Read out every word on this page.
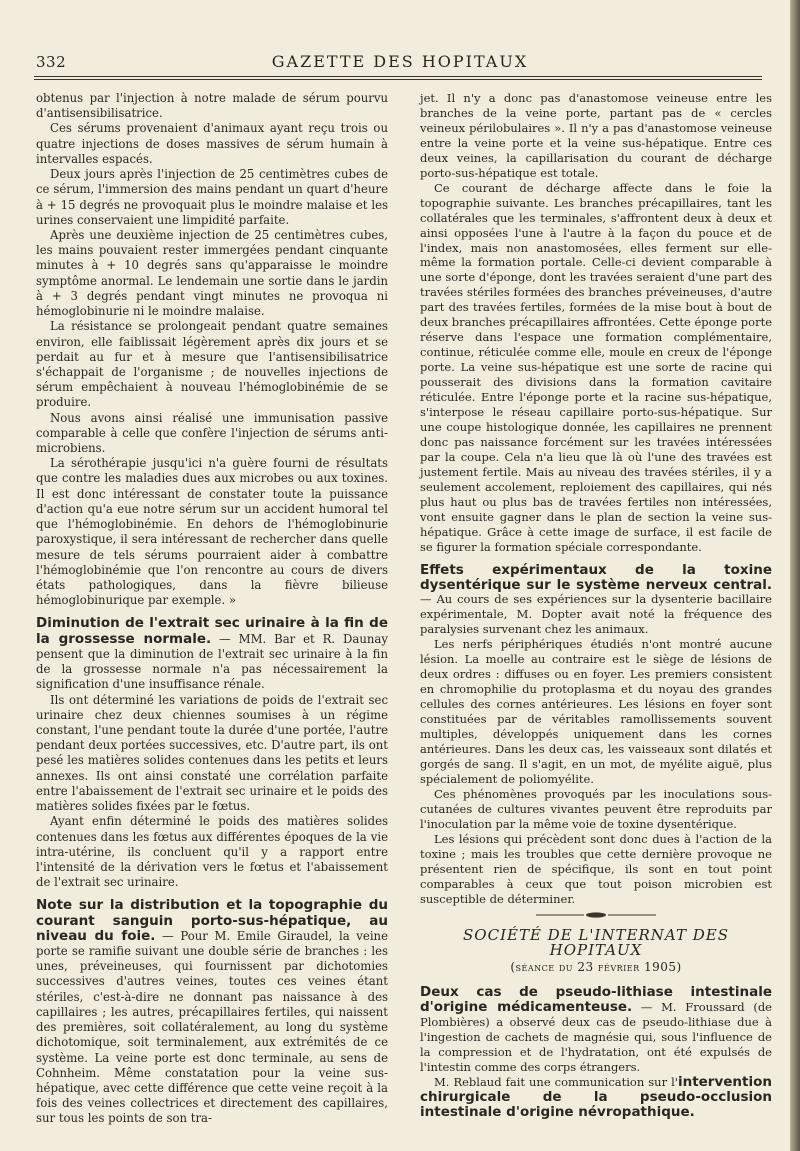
332	GAZETTE DES HOPITAUX

obtenus par l'injection à notre malade de sérum pourvu d'antisensibilisatrice.

Ces sérums provenaient d'animaux ayant reçu trois ou quatre injections de doses massives de sérum humain à intervalles espacés.

Deux jours après l'injection de 25 centimètres cubes de ce sérum, l'immersion des mains pendant un quart d'heure à + 15 degrés ne provoquait plus le moindre malaise et les urines conservaient une limpidité parfaite.

Après une deuxième injection de 25 centimètres cubes, les mains pouvaient rester immergées pendant cinquante minutes à + 10 degrés sans qu'apparaisse le moindre symptôme anormal. Le lendemain une sortie dans le jardin à + 3 degrés pendant vingt minutes ne provoqua ni hémoglobinurie ni le moindre malaise.

La résistance se prolongeait pendant quatre semaines environ, elle faiblissait légèrement après dix jours et se perdait au fur et à mesure que l'antisensibilisatrice s'échappait de l'organisme ; de nouvelles injections de sérum empêchaient à nouveau l'hémoglobinémie de se produire.

Nous avons ainsi réalisé une immunisation passive comparable à celle que confère l'injection de sérums anti-microbiens.

La sérothérapie jusqu'ici n'a guère fourni de résultats que contre les maladies dues aux microbes ou aux toxines. Il est donc intéressant de constater toute la puissance d'action qu'a eue notre sérum sur un accident humoral tel que l'hémoglobinémie. En dehors de l'hémoglobinurie paroxystique, il sera intéressant de rechercher dans quelle mesure de tels sérums pourraient aider à combattre l'hémoglobinémie que l'on rencontre au cours de divers états pathologiques, dans la fièvre bilieuse hémoglobinurique par exemple. »

Diminution de l'extrait sec urinaire à la fin de la grossesse normale. — MM. Bar et R. Daunay pensent que la diminution de l'extrait sec urinaire à la fin de la grossesse normale n'a pas nécessairement la signification d'une insuffisance rénale.

Ils ont déterminé les variations de poids de l'extrait sec urinaire chez deux chiennes soumises à un régime constant, l'une pendant toute la durée d'une portée, l'autre pendant deux portées successives, etc. D'autre part, ils ont pesé les matières solides contenues dans les petits et leurs annexes. Ils ont ainsi constaté une corrélation parfaite entre l'abaissement de l'extrait sec urinaire et le poids des matières solides fixées par le fœtus.

Ayant enfin déterminé le poids des matières solides contenues dans les fœtus aux différentes époques de la vie intra-utérine, ils concluent qu'il y a rapport entre l'intensité de la dérivation vers le fœtus et l'abaissement de l'extrait sec urinaire.

Note sur la distribution et la topographie du courant sanguin porto-sus-hépatique, au niveau du foie. — Pour M. Emile Giraudel, la veine porte se ramifie suivant une double série de branches : les unes, préveineuses, qui fournissent par dichotomies successives d'autres veines, toutes ces veines étant stériles, c'est-à-dire ne donnant pas naissance à des capillaires ; les autres, précapillaires fertiles, qui naissent des premières, soit collatéralement, au long du système dichotomique, soit terminalement, aux extrémités de ce système. La veine porte est donc terminale, au sens de Cohnheim. Même constatation pour la veine sus-hépatique, avec cette différence que cette veine reçoit à la fois des veines collectrices et directement des capillaires, sur tous les points de son tra-

jet. Il n'y a donc pas d'anastomose veineuse entre les branches de la veine porte, partant pas de « cercles veineux périlobulaires ». Il n'y a pas d'anastomose veineuse entre la veine porte et la veine sus-hépatique. Entre ces deux veines, la capillarisation du courant de décharge porto-sus-hépatique est totale.

Ce courant de décharge affecte dans le foie la topographie suivante. Les branches précapillaires, tant les collatérales que les terminales, s'affrontent deux à deux et ainsi opposées l'une à l'autre à la façon du pouce et de l'index, mais non anastomosées, elles ferment sur elle-même la formation portale. Celle-ci devient comparable à une sorte d'éponge, dont les travées seraient d'une part des travées stériles formées des branches préveineuses, d'autre part des travées fertiles, formées de la mise bout à bout de deux branches précapillaires affrontées. Cette éponge porte réserve dans l'espace une formation complémentaire, continue, réticulée comme elle, moule en creux de l'éponge porte. La veine sus-hépatique est une sorte de racine qui pousserait des divisions dans la formation cavitaire réticulée. Entre l'éponge porte et la racine sus-hépatique, s'interpose le réseau capillaire porto-sus-hépatique. Sur une coupe histologique donnée, les capillaires ne prennent donc pas naissance forcément sur les travées intéressées par la coupe. Cela n'a lieu que là où l'une des travées est justement fertile. Mais au niveau des travées stériles, il y a seulement accolement, reploiement des capillaires, qui nés plus haut ou plus bas de travées fertiles non intéressées, vont ensuite gagner dans le plan de section la veine sus-hépatique. Grâce à cette image de surface, il est facile de se figurer la formation spéciale correspondante.

Effets expérimentaux de la toxine dysentérique sur le système nerveux central. — Au cours de ses expériences sur la dysenterie bacillaire expérimentale, M. Dopter avait noté la fréquence des paralysies survenant chez les animaux.

Les nerfs périphériques étudiés n'ont montré aucune lésion. La moelle au contraire est le siège de lésions de deux ordres : diffuses ou en foyer. Les premiers consistent en chromophilie du protoplasma et du noyau des grandes cellules des cornes antérieures. Les lésions en foyer sont constituées par de véritables ramollissements souvent multiples, développés uniquement dans les cornes antérieures. Dans les deux cas, les vaisseaux sont dilatés et gorgés de sang. Il s'agit, en un mot, de myélite aiguë, plus spécialement de poliomyélite.

Ces phénomènes provoqués par les inoculations sous-cutanées de cultures vivantes peuvent être reproduits par l'inoculation par la même voie de toxine dysentérique.

Les lésions qui précèdent sont donc dues à l'action de la toxine ; mais les troubles que cette dernière provoque ne présentent rien de spécifique, ils sont en tout point comparables à ceux que tout poison microbien est susceptible de déterminer.

SOCIÉTÉ DE L'INTERNAT DES HOPITAUX
(séance du 23 février 1905)

Deux cas de pseudo-lithiase intestinale d'origine médicamenteuse. — M. Froussard (de Plombières) a observé deux cas de pseudo-lithiase due à l'ingestion de cachets de magnésie qui, sous l'influence de la compression et de l'hydratation, ont été expulsés de l'intestin comme des corps étrangers.

M. Reblaud fait une communication sur l'intervention chirurgicale de la pseudo-occlusion intestinale d'origine névropathique.
